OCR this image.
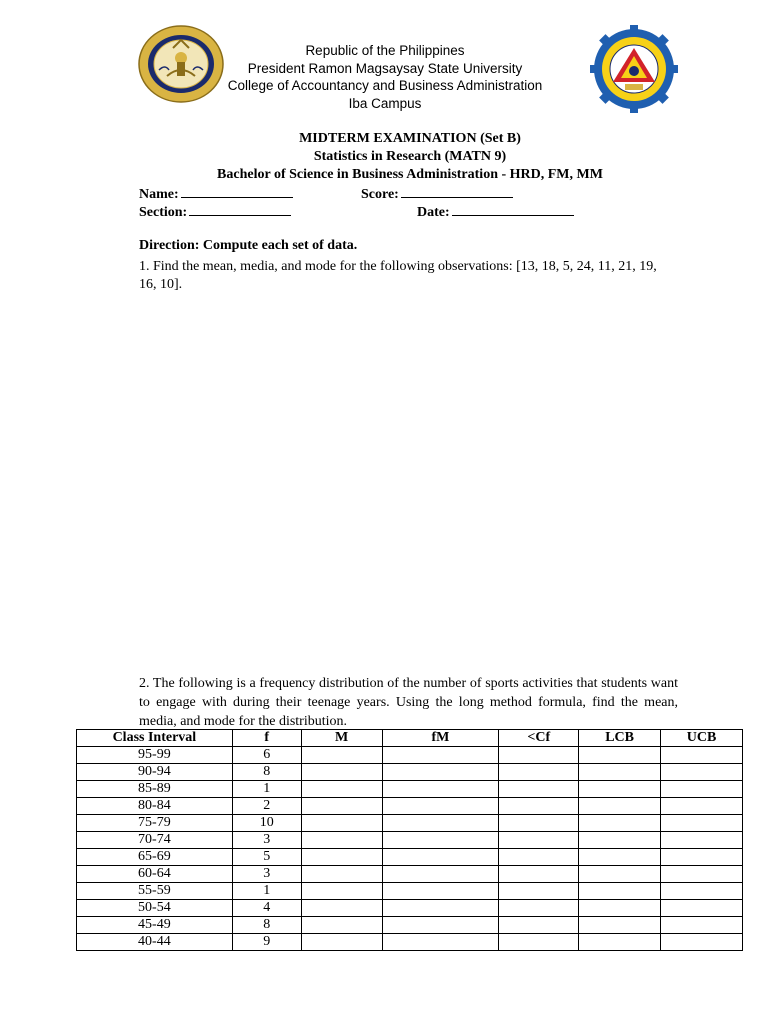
Republic of the Philippines
President Ramon Magsaysay State University
College of Accountancy and Business Administration
Iba Campus
MIDTERM EXAMINATION (Set B)
Statistics in Research (MATN 9)
Bachelor of Science in Business Administration - HRD, FM, MM
Name:	Score:
Section:	Date:
Direction: Compute each set of data.
1. Find the mean, media, and mode for the following observations: [13, 18, 5, 24, 11, 21, 19, 16, 10].
2. The following is a frequency distribution of the number of sports activities that students want to engage with during their teenage years. Using the long method formula, find the mean, media, and mode for the distribution.
Class Interval	f	M	fM	<Cf	LCB	UCB
95-99	6					
90-94	8					
85-89	1					
80-84	2					
75-79	10					
70-74	3					
65-69	5					
60-64	3					
55-59	1					
50-54	4					
45-49	8					
40-44	9					
